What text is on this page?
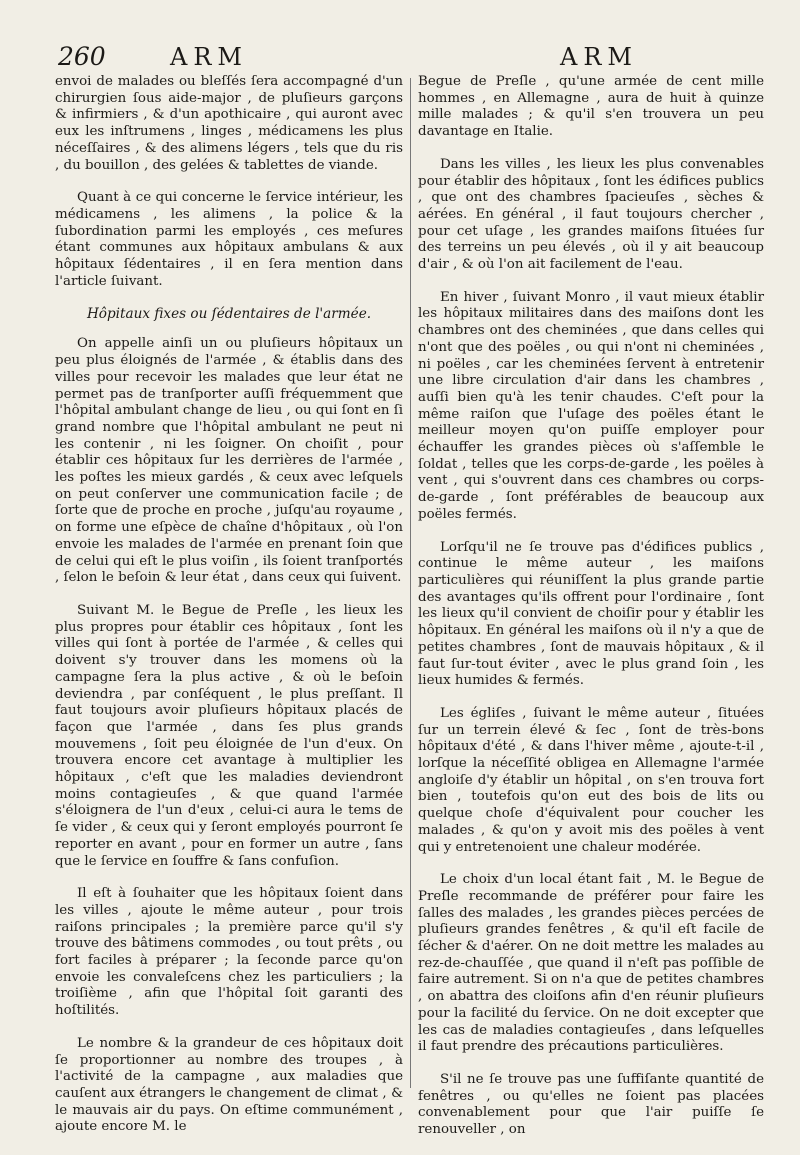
260	ARM	ARM

envoi de malades ou bleſſés ſera accompagné d'un chirurgien ſous aide-major , de pluſieurs garçons & infirmiers , & d'un apothicaire , qui auront avec eux les inſtrumens , linges , médicamens les plus néceſſaires , & des alimens légers , tels que du ris , du bouillon , des gelées & tablettes de viande.

Quant à ce qui concerne le ſervice intérieur, les médicamens , les alimens , la police & la ſubordination parmi les employés , ces meſures étant communes aux hôpitaux ambulans & aux hôpitaux ſédentaires , il en ſera mention dans l'article ſuivant.

Hôpitaux fixes ou ſédentaires de l'armée.

On appelle ainſi un ou pluſieurs hôpitaux un peu plus éloignés de l'armée , & établis dans des villes pour recevoir les malades que leur état ne permet pas de tranſporter auſſi fréquemment que l'hôpital ambulant change de lieu , ou qui ſont en ſi grand nombre que l'hôpital ambulant ne peut ni les contenir , ni les ſoigner. On choiſit , pour établir ces hôpitaux ſur les derrières de l'armée , les poſtes les mieux gardés , & ceux avec leſquels on peut conſerver une communication facile ; de ſorte que de proche en proche , juſqu'au royaume , on forme une eſpèce de chaîne d'hôpitaux , où l'on envoie les malades de l'armée en prenant ſoin que de celui qui eſt le plus voiſin , ils ſoient tranſportés , ſelon le beſoin & leur état , dans ceux qui ſuivent.

Suivant M. le Begue de Preſle , les lieux les plus propres pour établir ces hôpitaux , ſont les villes qui ſont à portée de l'armée , & celles qui doivent s'y trouver dans les momens où la campagne ſera la plus active , & où le beſoin deviendra , par conſéquent , le plus preſſant. Il faut toujours avoir pluſieurs hôpitaux placés de façon que l'armée , dans ſes plus grands mouvemens , ſoit peu éloignée de l'un d'eux. On trouvera encore cet avantage à multiplier les hôpitaux , c'eſt que les maladies deviendront moins contagieuſes , & que quand l'armée s'éloignera de l'un d'eux , celui-ci aura le tems de ſe vider , & ceux qui y ſeront employés pourront ſe reporter en avant , pour en former un autre , ſans que le ſervice en ſouffre & ſans confuſion.

Il eſt à ſouhaiter que les hôpitaux ſoient dans les villes , ajoute le même auteur , pour trois raiſons principales ; la première parce qu'il s'y trouve des bâtimens commodes , ou tout prêts , ou fort faciles à préparer ; la ſeconde parce qu'on envoie les convaleſcens chez les particuliers ; la troiſième , afin que l'hôpital ſoit garanti des hoſtilités.

Le nombre & la grandeur de ces hôpitaux doit ſe proportionner au nombre des troupes , à l'activité de la campagne , aux maladies que cauſent aux étrangers le changement de climat , & le mauvais air du pays. On eſtime communément , ajoute encore M. le

Begue de Preſle , qu'une armée de cent mille hommes , en Allemagne , aura de huit à quinze mille malades ; & qu'il s'en trouvera un peu davantage en Italie.

Dans les villes , les lieux les plus convenables pour établir des hôpitaux , ſont les édifices publics , que ont des chambres ſpacieuſes , sèches & aérées. En général , il faut toujours chercher , pour cet uſage , les grandes maiſons ſituées ſur des terreins un peu élevés , où il y ait beaucoup d'air , & où l'on ait facilement de l'eau.

En hiver , ſuivant Monro , il vaut mieux établir les hôpitaux militaires dans des maiſons dont les chambres ont des cheminées , que dans celles qui n'ont que des poëles , ou qui n'ont ni cheminées , ni poëles , car les cheminées ſervent à entretenir une libre circulation d'air dans les chambres , auſſi bien qu'à les tenir chaudes. C'eſt pour la même raiſon que l'uſage des poëles étant le meilleur moyen qu'on puiſſe employer pour échauffer les grandes pièces où s'aſſemble le ſoldat , telles que les corps-de-garde , les poëles à vent , qui s'ouvrent dans ces chambres ou corps-de-garde , ſont préférables de beaucoup aux poëles fermés.

Lorſqu'il ne ſe trouve pas d'édifices publics , continue le même auteur , les maiſons particulières qui réuniſſent la plus grande partie des avantages qu'ils offrent pour l'ordinaire , ſont les lieux qu'il convient de choiſir pour y établir les hôpitaux. En général les maiſons où il n'y a que de petites chambres , ſont de mauvais hôpitaux , & il faut ſur-tout éviter , avec le plus grand ſoin , les lieux humides & fermés.

Les égliſes , ſuivant le même auteur , ſituées ſur un terrein élevé & ſec , ſont de très-bons hôpitaux d'été , & dans l'hiver même , ajoute-t-il , lorſque la néceſſité obligea en Allemagne l'armée angloiſe d'y établir un hôpital , on s'en trouva fort bien , toutefois qu'on eut des bois de lits ou quelque choſe d'équivalent pour coucher les malades , & qu'on y avoit mis des poëles à vent qui y entretenoient une chaleur modérée.

Le choix d'un local étant fait , M. le Begue de Preſle recommande de préférer pour faire les ſalles des malades , les grandes pièces percées de pluſieurs grandes fenêtres , & qu'il eſt facile de ſécher & d'aérer. On ne doit mettre les malades au rez-de-chauſſée , que quand il n'eſt pas poſſible de faire autrement. Si on n'a que de petites chambres , on abattra des cloiſons afin d'en réunir pluſieurs pour la facilité du ſervice. On ne doit excepter que les cas de maladies contagieuſes , dans leſquelles il faut prendre des précautions particulières.

S'il ne ſe trouve pas une ſuffiſante quantité de fenêtres , ou qu'elles ne ſoient pas placées convenablement pour que l'air puiſſe ſe renouveller , on
